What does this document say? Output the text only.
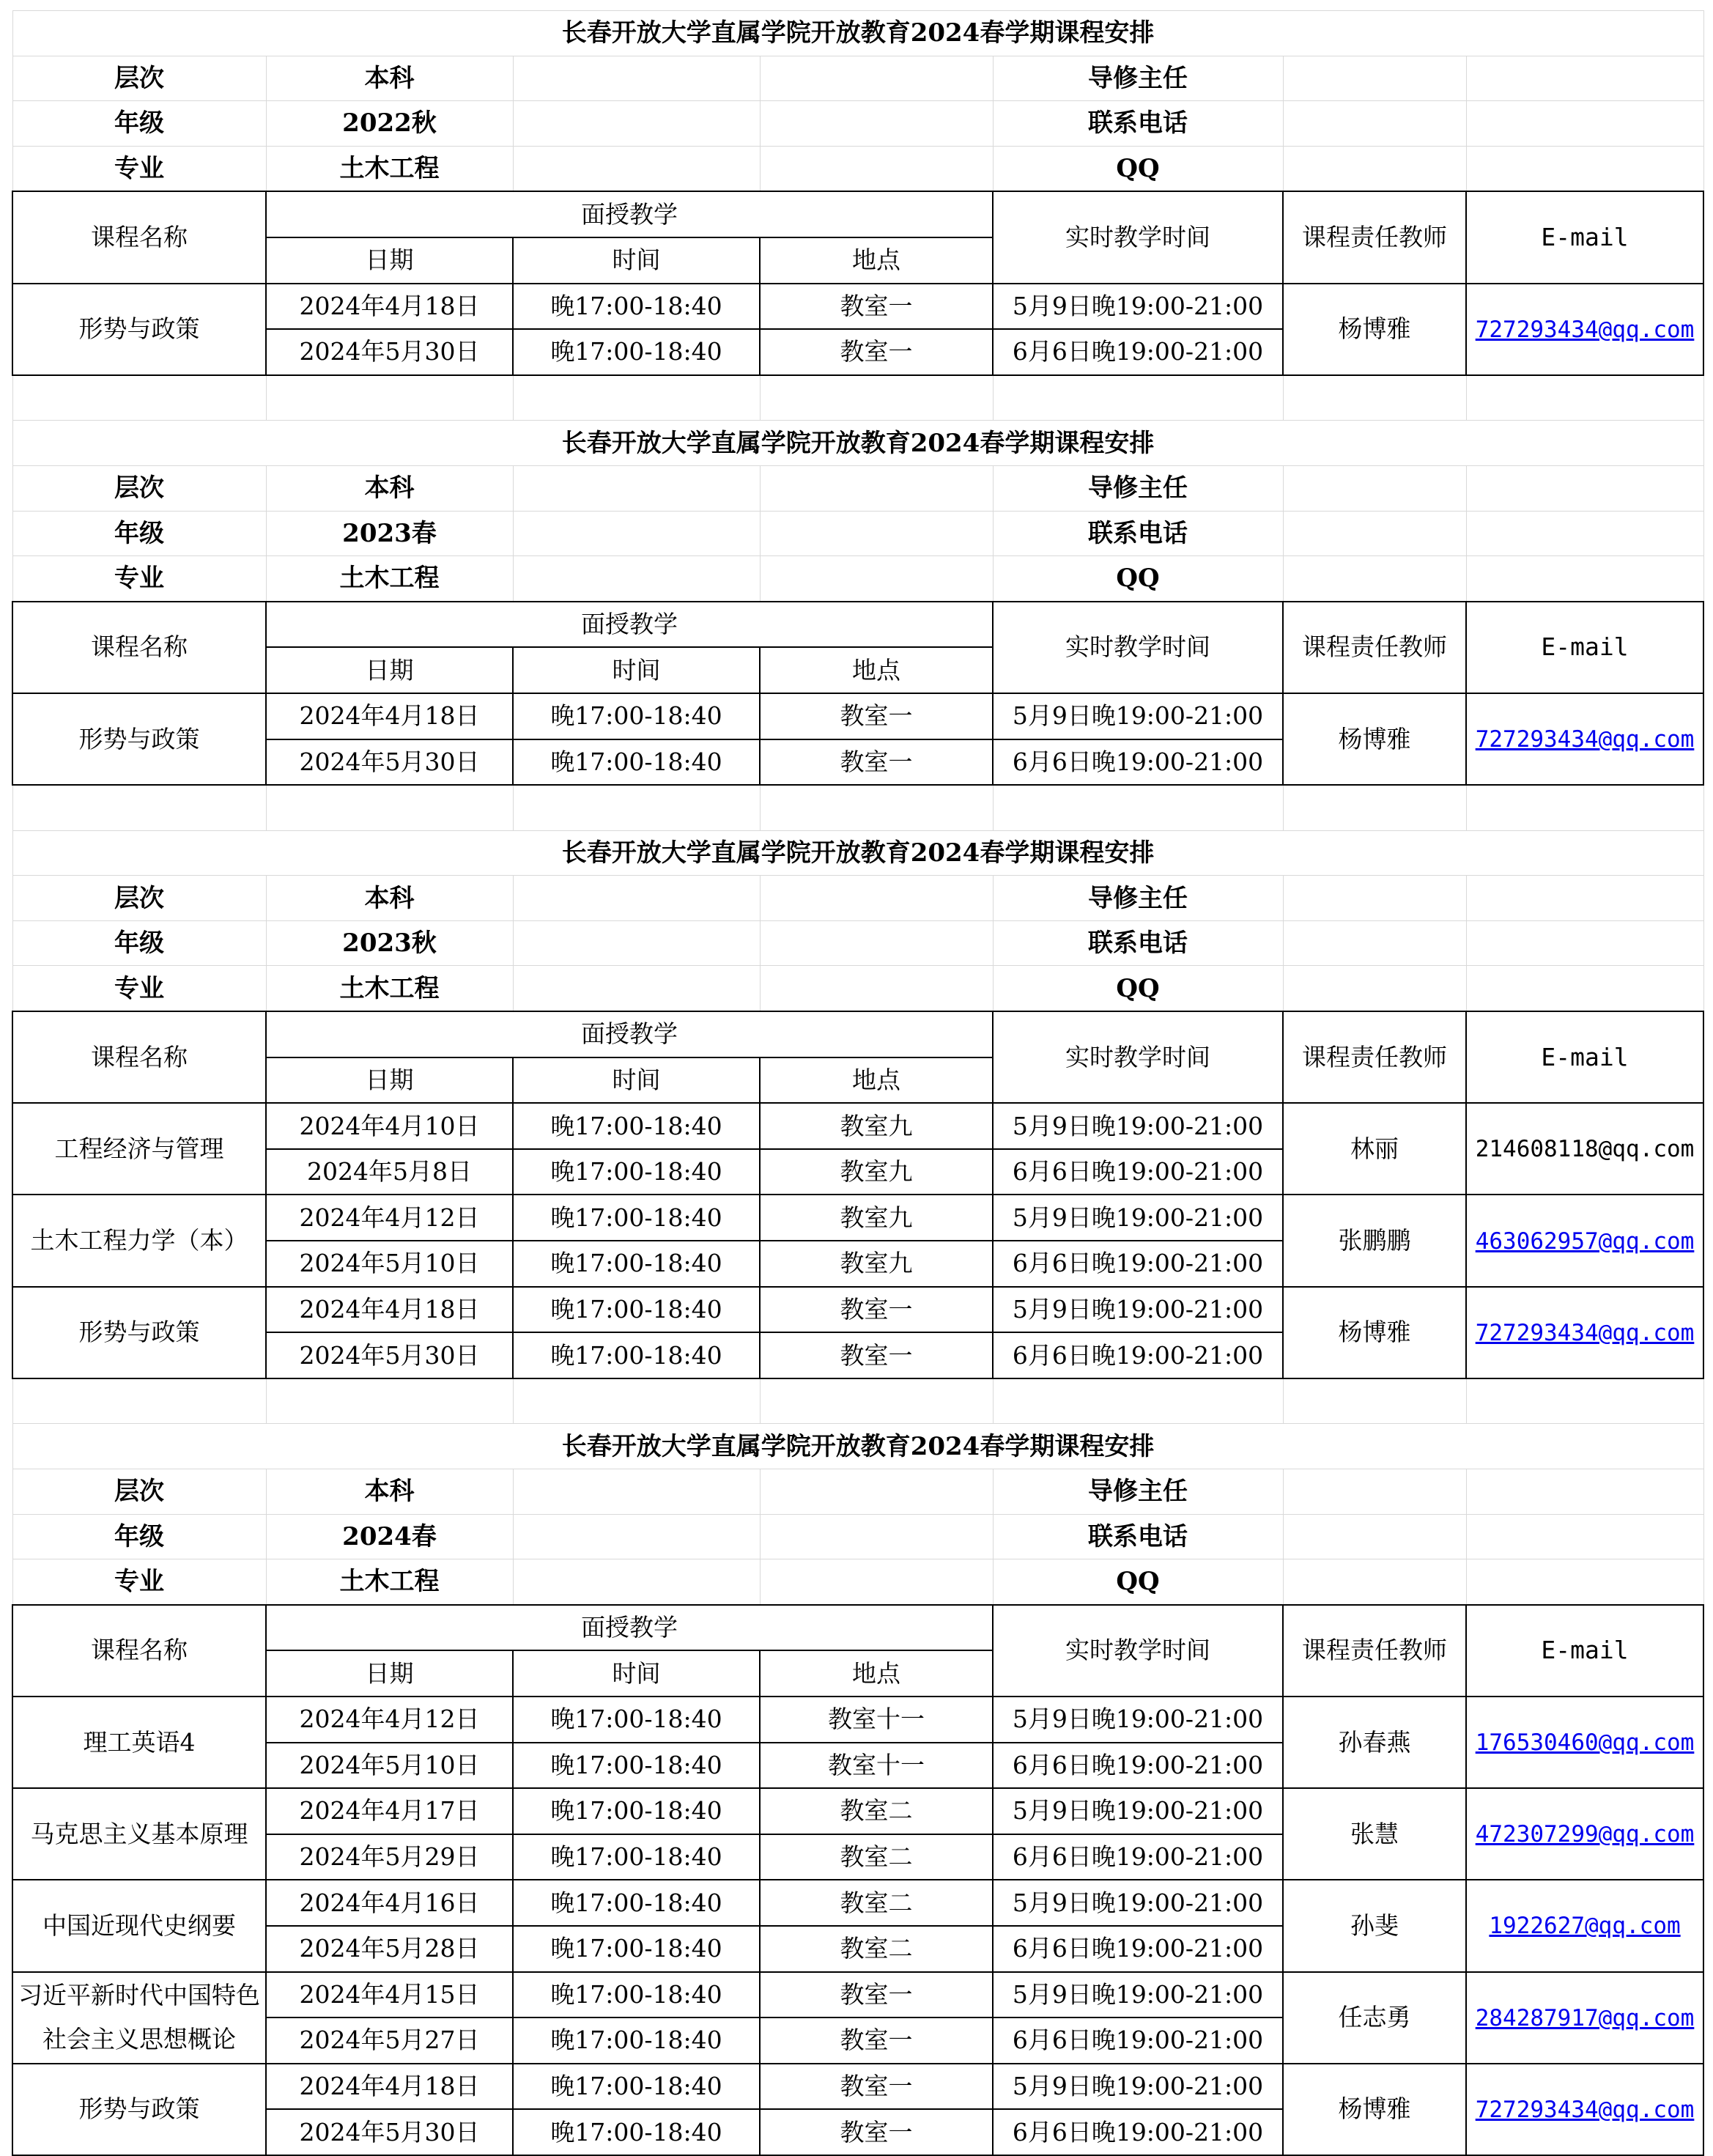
长春开放大学直属学院开放教育2024春学期课程安排						
层次	本科			导修主任		
年级	2022秋			联系电话		
专业	土木工程			QQ		
课程名称	面授教学			实时教学时间	课程责任教师	E-mail
	日期	时间	地点			
形势与政策	2024年4月18日	晚17:00-18:40	教室一	5月9日晚19:00-21:00	杨博雅	727293434@qq.com
	2024年5月30日	晚17:00-18:40	教室一	6月6日晚19:00-21:00		

长春开放大学直属学院开放教育2024春学期课程安排						
层次	本科			导修主任		
年级	2023春			联系电话		
专业	土木工程			QQ		
课程名称	面授教学			实时教学时间	课程责任教师	E-mail
	日期	时间	地点			
形势与政策	2024年4月18日	晚17:00-18:40	教室一	5月9日晚19:00-21:00	杨博雅	727293434@qq.com
	2024年5月30日	晚17:00-18:40	教室一	6月6日晚19:00-21:00		

长春开放大学直属学院开放教育2024春学期课程安排						
层次	本科			导修主任		
年级	2023秋			联系电话		
专业	土木工程			QQ		
课程名称	面授教学			实时教学时间	课程责任教师	E-mail
	日期	时间	地点			
工程经济与管理	2024年4月10日	晚17:00-18:40	教室九	5月9日晚19:00-21:00	林丽	214608118@qq.com
	2024年5月8日	晚17:00-18:40	教室九	6月6日晚19:00-21:00		
土木工程力学（本）	2024年4月12日	晚17:00-18:40	教室九	5月9日晚19:00-21:00	张鹏鹏	463062957@qq.com
	2024年5月10日	晚17:00-18:40	教室九	6月6日晚19:00-21:00		
形势与政策	2024年4月18日	晚17:00-18:40	教室一	5月9日晚19:00-21:00	杨博雅	727293434@qq.com
	2024年5月30日	晚17:00-18:40	教室一	6月6日晚19:00-21:00		

长春开放大学直属学院开放教育2024春学期课程安排						
层次	本科			导修主任		
年级	2024春			联系电话		
专业	土木工程			QQ		
课程名称	面授教学			实时教学时间	课程责任教师	E-mail
	日期	时间	地点			
理工英语4	2024年4月12日	晚17:00-18:40	教室十一	5月9日晚19:00-21:00	孙春燕	176530460@qq.com
	2024年5月10日	晚17:00-18:40	教室十一	6月6日晚19:00-21:00		
马克思主义基本原理	2024年4月17日	晚17:00-18:40	教室二	5月9日晚19:00-21:00	张慧	472307299@qq.com
	2024年5月29日	晚17:00-18:40	教室二	6月6日晚19:00-21:00		
中国近现代史纲要	2024年4月16日	晚17:00-18:40	教室二	5月9日晚19:00-21:00	孙斐	1922627@qq.com
	2024年5月28日	晚17:00-18:40	教室二	6月6日晚19:00-21:00		
习近平新时代中国特色社会主义思想概论	2024年4月15日	晚17:00-18:40	教室一	5月9日晚19:00-21:00	任志勇	284287917@qq.com
	2024年5月27日	晚17:00-18:40	教室一	6月6日晚19:00-21:00		
形势与政策	2024年4月18日	晚17:00-18:40	教室一	5月9日晚19:00-21:00	杨博雅	727293434@qq.com
	2024年5月30日	晚17:00-18:40	教室一	6月6日晚19:00-21:00		
